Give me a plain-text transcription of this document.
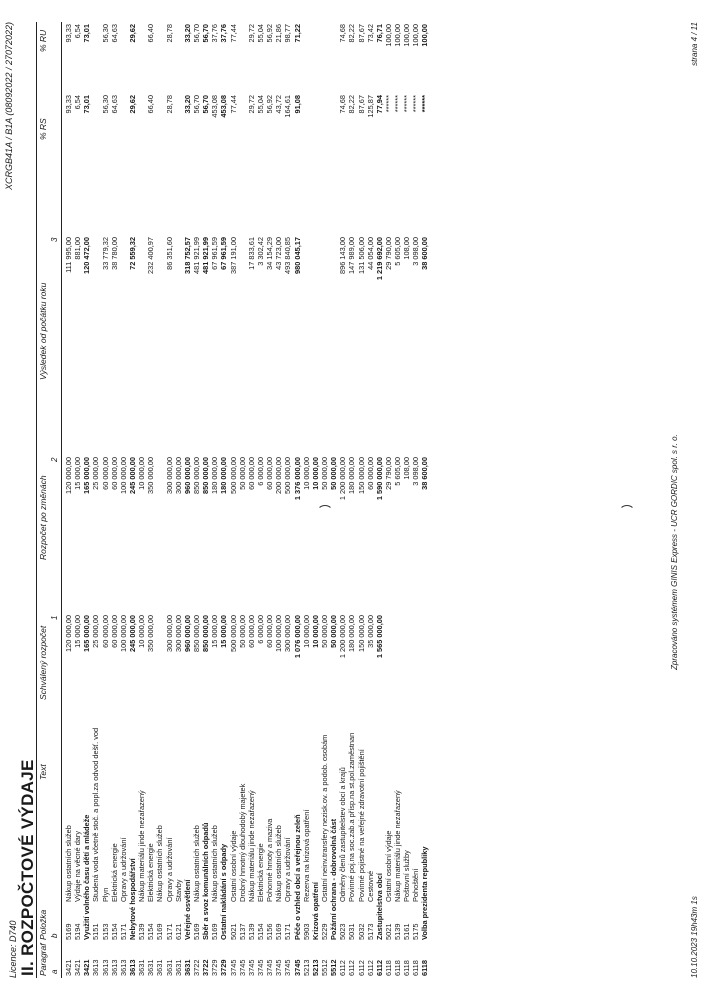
Licence: D740
XCRGB41A / B1A (08092022 / 27072022)
II. ROZPOČTOVÉ VÝDAJE Paragraf
Položka
Text
Schválený rozpočet
Rozpočet po změnách
Výsledek od počátku roku
% RS
% RU
a
b
1
2
3
3421
5169
Nákup ostatních služeb
120 000,00
120 000,00
111 995,00
93,33
93,33
3421
5194
Výdaje na věcné dary
15 000,00
15 000,00
881,00
6,54
6,54
3421
Využití volného času dětí a mládeže
165 000,00
165 000,00
120 472,00
73,01
73,01
3613
5151
Studená voda včetně stoč. a popl.za odvod dešť. vod
25 000,00
25 000,00
3613
5153
Plyn
60 000,00
60 000,00
33 779,32
56,30
56,30
3613
5154
Elektrická energie
60 000,00
60 000,00
38 780,00
64,63
64,63
3613
5171
Opravy a udržování
100 000,00
100 000,00
3613
Nebytové hospodářství
245 000,00
245 000,00
72 559,32
29,62
29,62
3631
5139
Nákup materiálu jinde nezařazený
10 000,00
10 000,00
3631
5154
Elektrická energie
350 000,00
350 000,00
232 400,97
66,40
66,40
3631
5169
Nákup ostatních služeb
3631
5171
Opravy a udržování
300 000,00
300 000,00
86 351,60
28,78
28,78
3631
6121
Stavby
300 000,00
300 000,00
3631
Veřejné osvětlení
960 000,00
960 000,00
318 752,57
33,20
33,20
3722
5169
Nákup ostatních služeb
850 000,00
850 000,00
481 921,99
56,70
56,70
3722
Sběr a svoz komunálních odpadů
850 000,00
850 000,00
481 921,99
56,70
56,70
3729
5169
Nákup ostatních služeb
15 000,00
180 000,00
67 961,59
453,08
37,76
3729
Ostatní nakládání s odpady
15 000,00
180 000,00
67 961,59
453,08
37,76
3745
5021
Ostatní osobní výdaje
500 000,00
500 000,00
387 191,00
77,44
77,44
3745
5137
Drobný hmotný dlouhodobý majetek
50 000,00
50 000,00
3745
5139
Nákup materiálu jinde nezařazený
60 000,00
60 000,00
17 833,61
29,72
29,72
3745
5154
Elektrická energie
6 000,00
6 000,00
3 302,42
55,04
55,04
3745
5156
Pohonné hmoty a maziva
60 000,00
60 000,00
34 154,29
56,92
56,92
3745
5169
Nákup ostatních služeb
100 000,00
200 000,00
43 723,00
43,72
21,86
3745
5171
Opravy a udržování
300 000,00
500 000,00
493 840,85
164,61
98,77
3745
Péče o vzhled obcí a veřejnou zeleň
1 076 000,00
1 376 000,00
980 045,17
91,08
71,22
5213
5903
Rezerva na krizová opatření
10 000,00
10 000,00
5213
Krizová opatření
10 000,00
10 000,00
5512
5229
Ostatní neinv.transfery nezisk.ov. a podob. osobám
50 000,00
50 000,00
5512
Požární ochrana - dobrovolná část
50 000,00
50 000,00
6112
5023
Odměny členů zastupitelstev obcí a krajů
1 200 000,00
1 200 000,00
896 143,00
74,68
74,68
6112
5031
Povinné poj.na soc.zab.a přísp.na st.pol.zaměstnan
180 000,00
180 000,00
147 989,00
82,22
82,22
6112
5032
Povinné pojistné na veřejné zdravotní pojištění
150 000,00
150 000,00
131 506,00
87,67
87,67
6112
5173
Cestovné
35 000,00
60 000,00
44 054,00
125,87
73,42
6112
Zastupitelstva obcí
1 565 000,00
1 590 000,00
1 219 692,00
77,94
76,71
6118
5021
Ostatní osobní výdaje
29 790,00
29 790,00
******
100,00
6118
5139
Nákup materiálu jinde nezařazený
5 605,00
5 605,00
******
100,00
6118
5161
Poštovní služby
108,00
108,00
******
100,00
6118
5175
Pohoštění
3 098,00
3 098,00
******
100,00
6118
Volba prezidenta republiky
38 600,00
38 600,00
******
100,00
Zpracováno systémem GINIS Express - UCR GORDIC spol. s r. o.
10.10.2023 19h43m 1s
strana 4 / 11
